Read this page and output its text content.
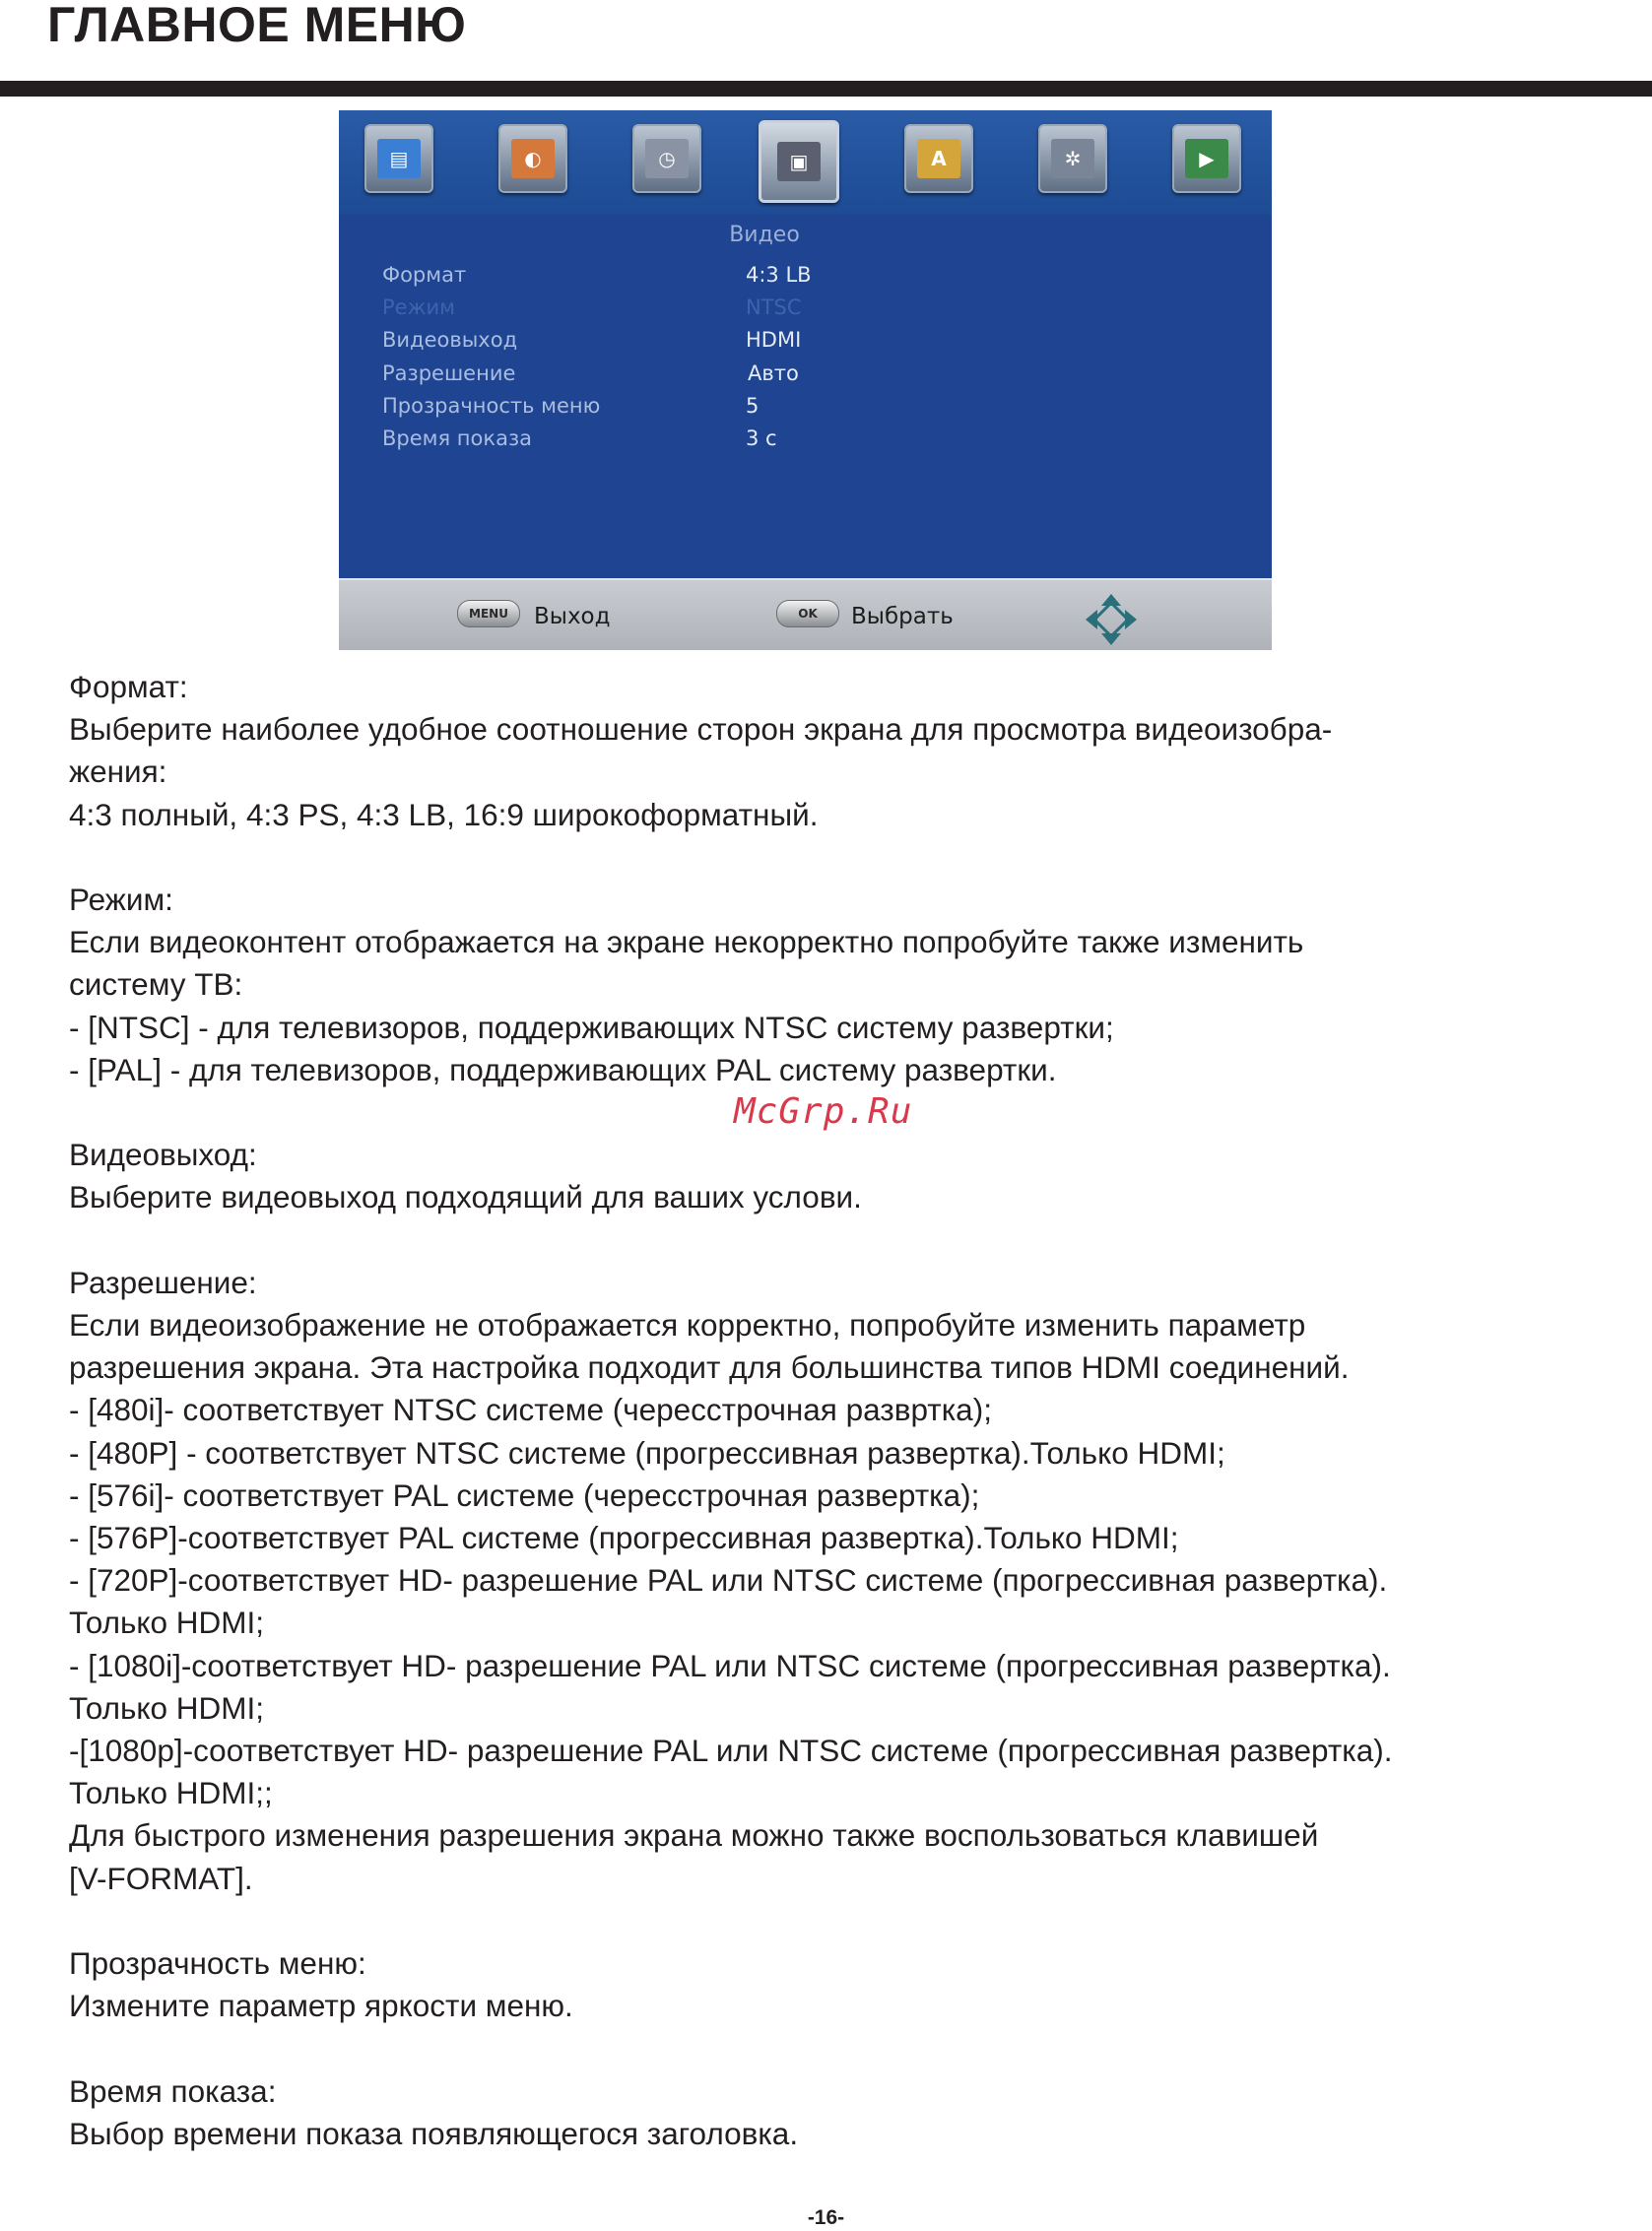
ГЛАВНОЕ МЕНЮ
▤	◐	◷	▣	A	✲	▶
Видео
MENU	Выход	OK	Выбрать
Формат	4:3 LB
Режим	NTSC
Видеовыход	HDMI
Разрешение	Авто
Прозрачность меню	5
Время показа	3 с
Формат:
Выберите наиболее удобное соотношение сторон экрана для просмотра видеоизобра-
жения:
4:3 полный, 4:3 PS, 4:3 LB, 16:9 широкоформатный.
Режим:
Если видеоконтент отображается на экране некорректно попробуйте также изменить
систему ТВ:
- [NTSC] - для телевизоров, поддерживающих NTSC систему развертки;
- [PAL] - для телевизоров, поддерживающих PAL систему развертки.
Видеовыход:
Выберите видеовыход подходящий для ваших услови.
Разрешение:
Если видеоизображение не отображается корректно, попробуйте изменить параметр
разрешения экрана. Эта настройка подходит для большинства типов HDMI соединений.
- [480i]- соответствует NTSC системе (чересстрочная развртка);
- [480P] - соответствует NTSC системе (прогрессивная развертка).Только HDMI;
- [576i]- соответствует PAL системе (чересстрочная развертка);
- [576P]-соответствует PAL системе (прогрессивная развертка).Только HDMI;
- [720P]-соответствует HD- разрешение PAL или NTSC системе (прогрессивная развертка).
Только HDMI;
- [1080i]-соответствует HD- разрешение PAL или NTSC системе (прогрессивная развертка).
Только HDMI;
-[1080p]-соответствует HD- разрешение PAL или NTSC системе (прогрессивная развертка).
Только HDMI;;
Для быстрого изменения разрешения экрана можно также воспользоваться клавишей
[V-FORMAT].
Прозрачность меню:
Измените параметр яркости меню.
Время показа:
Выбор времени показа появляющегося заголовка.
McGrp.Ru
-16-
